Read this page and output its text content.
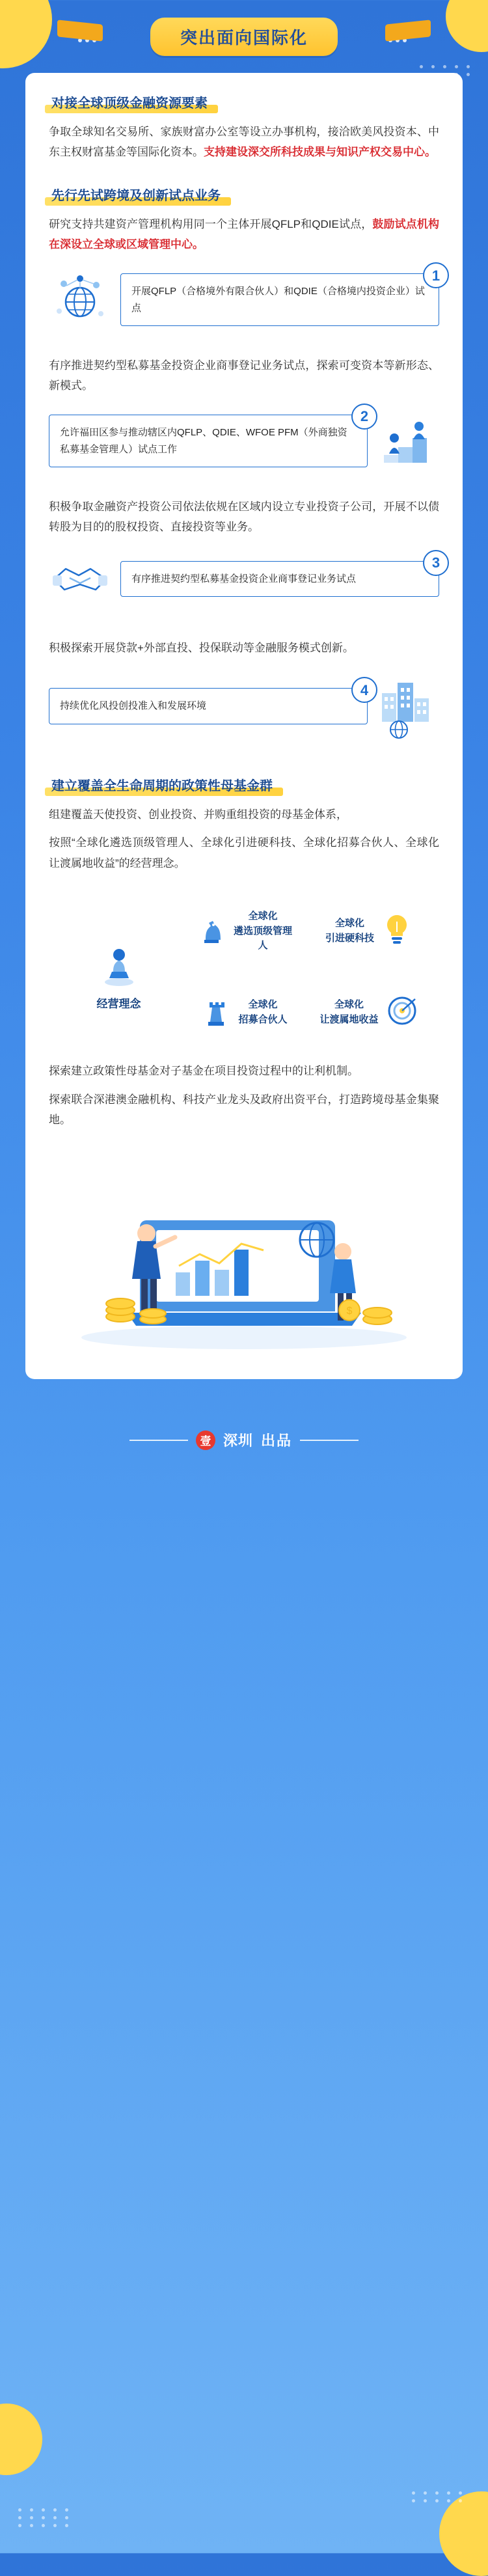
突出面向国际化
对接全球顶级金融资源要素

争取全球知名交易所、家族财富办公室等设立办事机构，接洽欧美风投资本、中东主权财富基金等国际化资本。支持建设深交所科技成果与知识产权交易中心。

先行先试跨境及创新试点业务

研究支持共建资产管理机构用同一个主体开展QFLP和QDIE试点，鼓励试点机构在深设立全球或区域管理中心。

1
开展QFLP（合格境外有限合伙人）和QDIE（合格境内投资企业）试点

有序推进契约型私募基金投资企业商事登记业务试点，探索可变资本等新形态、新模式。

2
允许福田区参与推动辖区内QFLP、QDIE、WFOE PFM（外商独资私募基金管理人）试点工作

积极争取金融资产投资公司依法依规在区域内设立专业投资子公司，开展不以债转股为目的的股权投资、直接投资等业务。

3
有序推进契约型私募基金投资企业商事登记业务试点

积极探索开展贷款+外部直投、投保联动等金融服务模式创新。

4
持续优化风投创投准入和发展环境
建立覆盖全生命周期的政策性母基金群

组建覆盖天使投资、创业投资、并购重组投资的母基金体系，

按照“全球化遴选顶级管理人、全球化引进硬科技、全球化招募合伙人、全球化让渡属地收益”的经营理念。

全球化
遴选顶级管理人
经营理念
全球化
引进硬科技
全球化
招募合伙人
全球化
让渡属地收益

探索建立政策性母基金对子基金在项目投资过程中的让利机制。

探索联合深港澳金融机构、科技产业龙头及政府出资平台，打造跨境母基金集聚地。

$
壹 深圳 出品
